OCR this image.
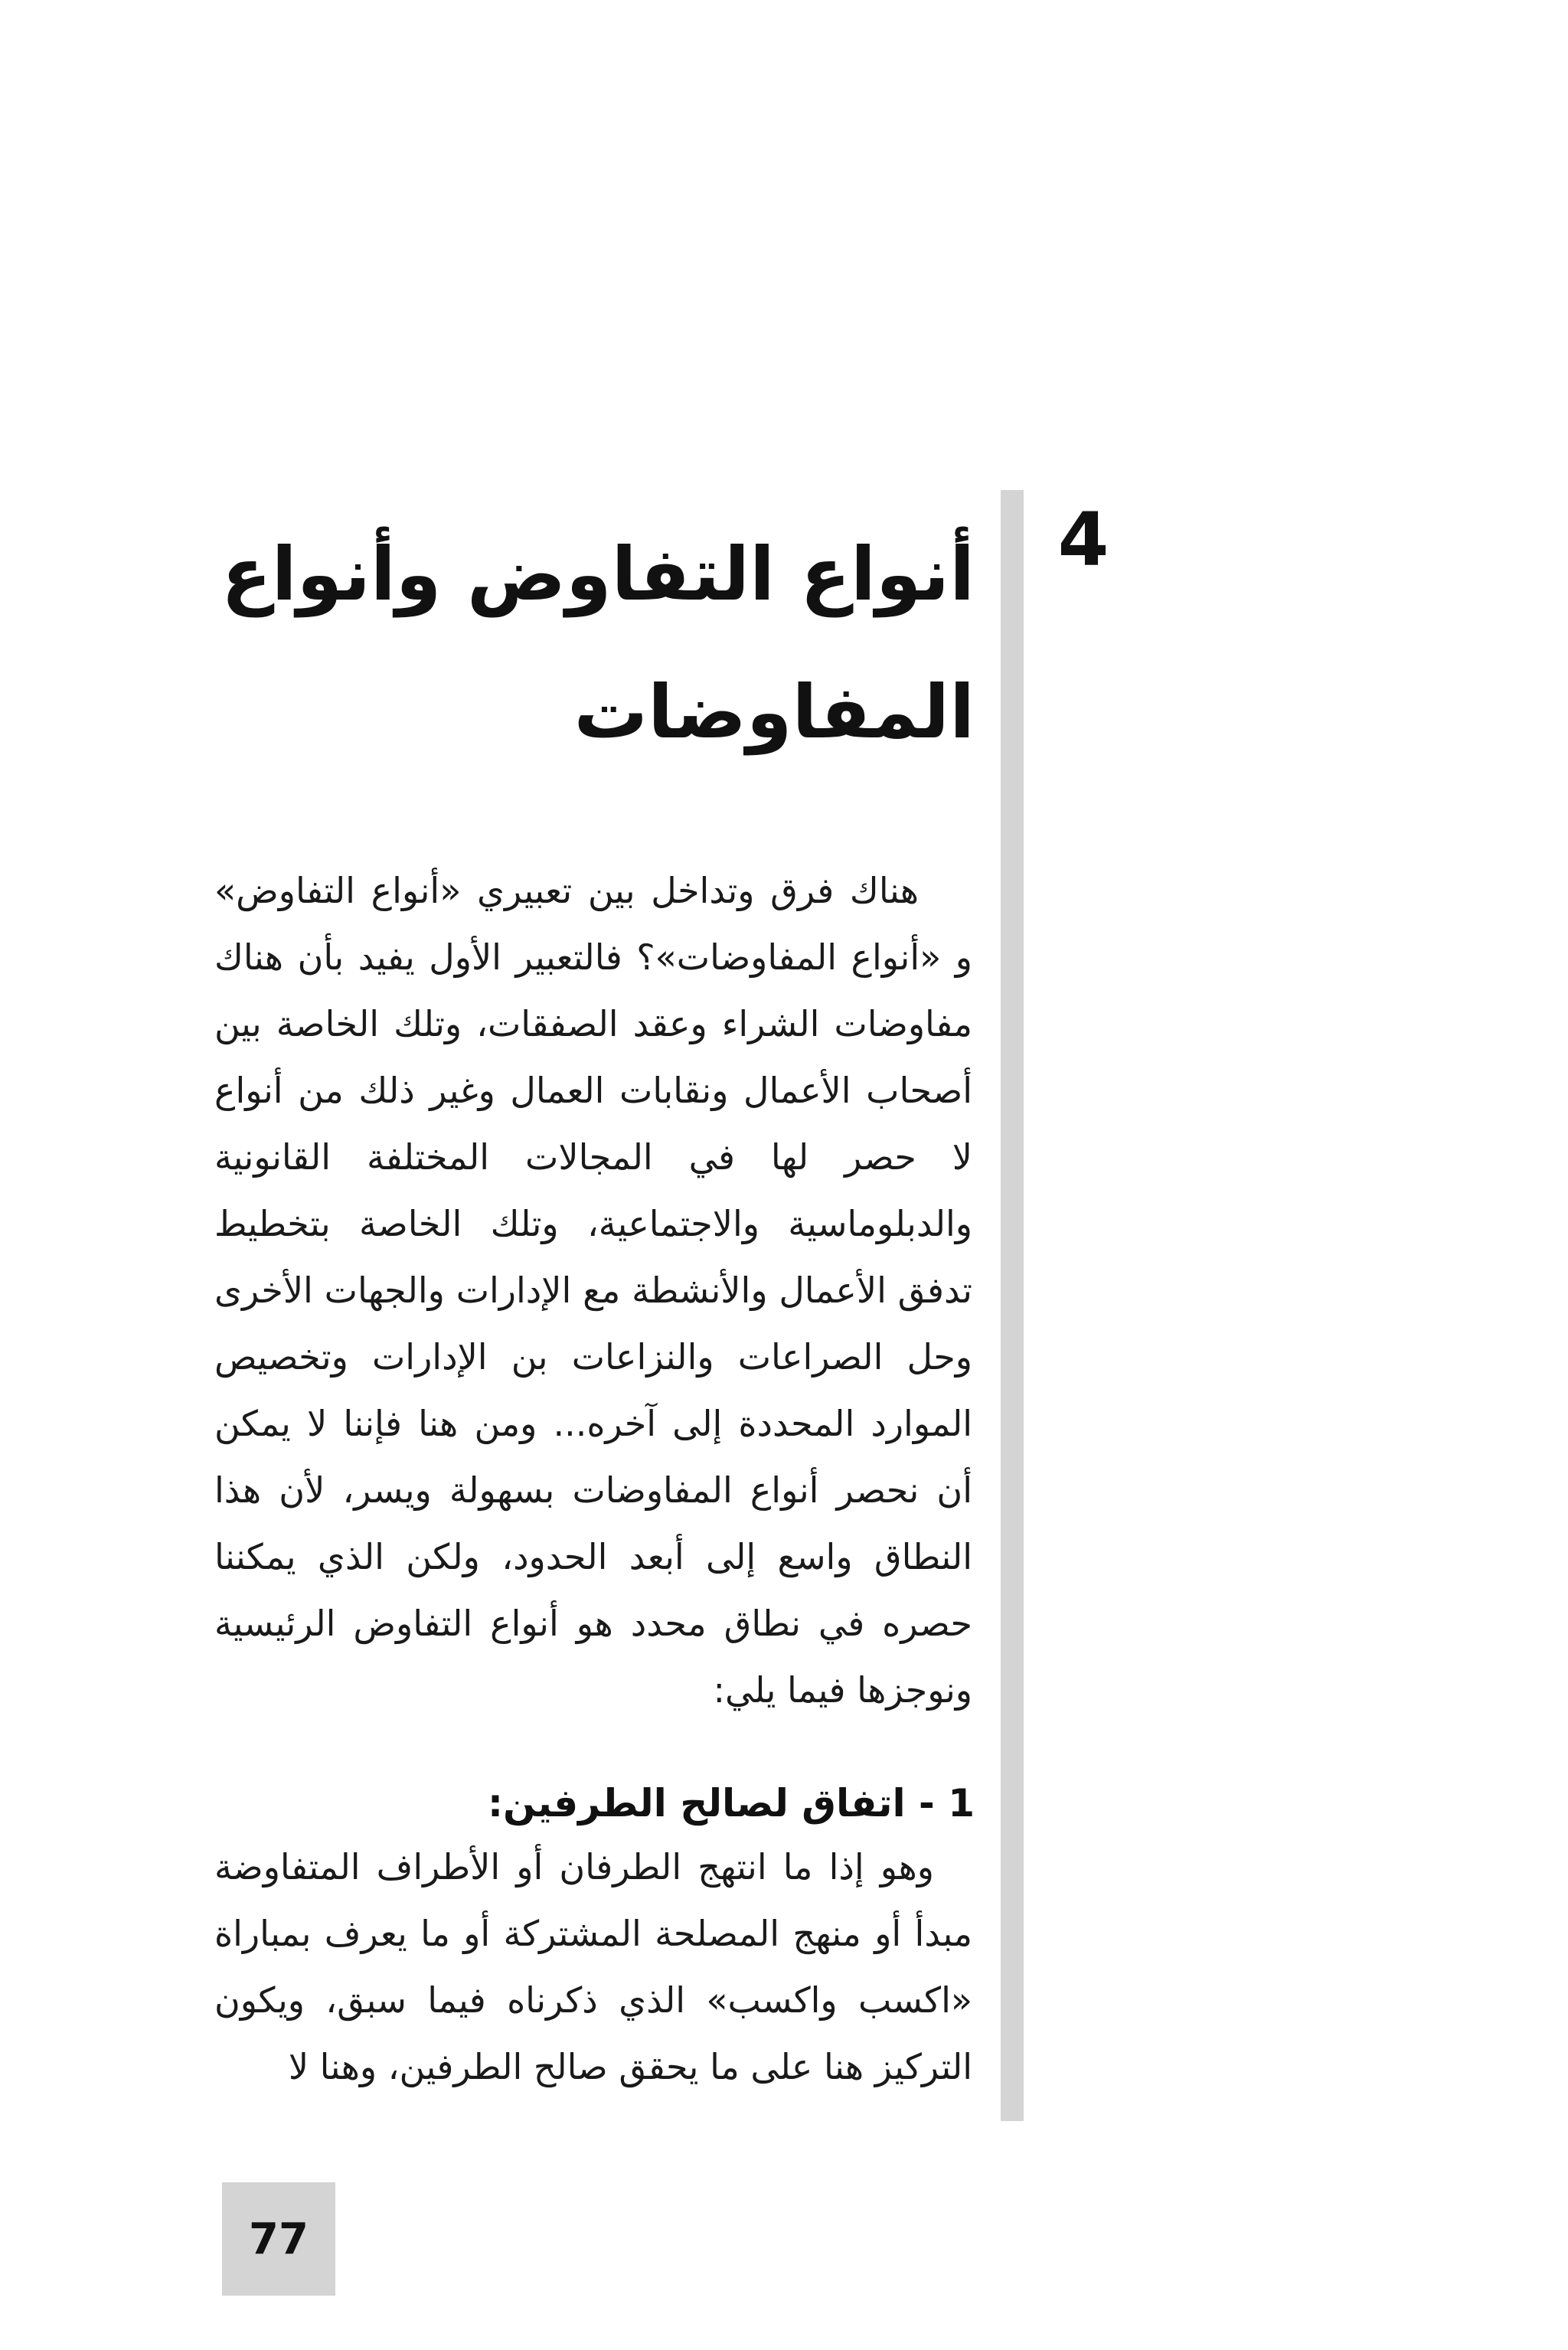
4
أنواع التفاوض وأنواع المفاوضات

هناك فرق وتداخل بين تعبيري «أنواع التفاوض» و «أنواع المفاوضات»؟ فالتعبير الأول يفيد بأن هناك مفاوضات الشراء وعقد الصفقات، وتلك الخاصة بين أصحاب الأعمال ونقابات العمال وغير ذلك من أنواع لا حصر لها في المجالات المختلفة القانونية والدبلوماسية والاجتماعية، وتلك الخاصة بتخطيط تدفق الأعمال والأنشطة مع الإدارات والجهات الأخرى وحل الصراعات والنزاعات بن الإدارات وتخصيص الموارد المحددة إلى آخره... ومن هنا فإننا لا يمكن أن نحصر أنواع المفاوضات بسهولة ويسر، لأن هذا النطاق واسع إلى أبعد الحدود، ولكن الذي يمكننا حصره في نطاق محدد هو أنواع التفاوض الرئيسية ونوجزها فيما يلي:

1 - اتفاق لصالح الطرفين:

وهو إذا ما انتهج الطرفان أو الأطراف المتفاوضة مبدأ أو منهج المصلحة المشتركة أو ما يعرف بمباراة «اكسب واكسب» الذي ذكرناه فيما سبق، ويكون التركيز هنا على ما يحقق صالح الطرفين، وهنا لا

77
